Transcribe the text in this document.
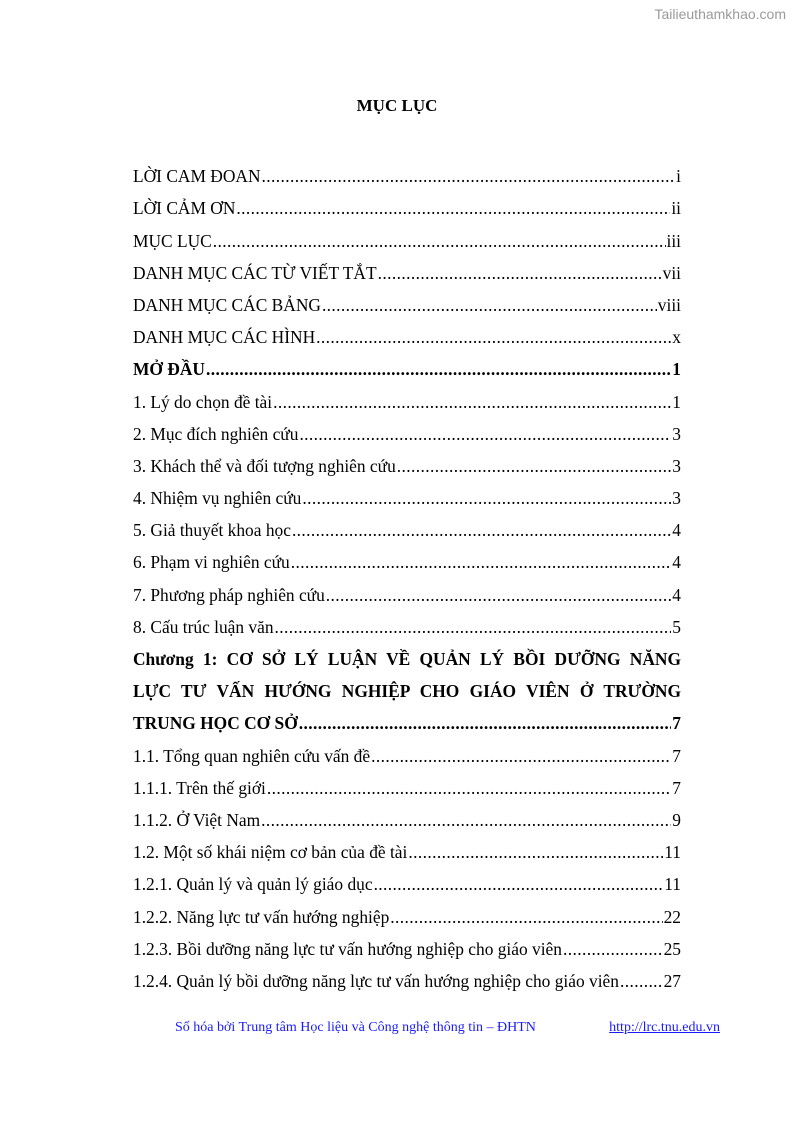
Tailieuthamkhao.com
MỤC LỤC
LỜI CAM ĐOAN .....	i
LỜI CẢM ƠN .....	ii
MỤC LỤC .....	iii
DANH MỤC CÁC TỪ VIẾT TẮT .....	vii
DANH MỤC CÁC BẢNG .....	viii
DANH MỤC CÁC HÌNH .....	x
MỞ ĐẦU .....	1
1. Lý do chọn đề tài .....	1
2. Mục đích nghiên cứu .....	3
3. Khách thể và đối tượng nghiên cứu .....	3
4. Nhiệm vụ nghiên cứu .....	3
5. Giả thuyết khoa học .....	4
6. Phạm vi nghiên cứu .....	4
7. Phương pháp nghiên cứu .....	4
8. Cấu trúc luận văn .....	5
Chương 1: CƠ SỞ LÝ LUẬN VỀ QUẢN LÝ BỒI DƯỠNG NĂNG
LỰC TƯ VẤN HƯỚNG NGHIỆP CHO GIÁO VIÊN Ở TRƯỜNG
TRUNG HỌC CƠ SỞ .....	7
1.1. Tổng quan nghiên cứu vấn đề .....	7
1.1.1. Trên thế giới .....	7
1.1.2. Ở Việt Nam .....	9
1.2. Một số khái niệm cơ bản của đề tài .....	11
1.2.1. Quản lý và quản lý giáo dục .....	11
1.2.2. Năng lực tư vấn hướng nghiệp .....	22
1.2.3. Bồi dưỡng năng lực tư vấn hướng nghiệp cho giáo viên .....	25
1.2.4. Quản lý bồi dưỡng năng lực tư vấn hướng nghiệp cho giáo viên .....	27
Số hóa bởi Trung tâm Học liệu và Công nghệ thông tin – ĐHTN	http://lrc.tnu.edu.vn
